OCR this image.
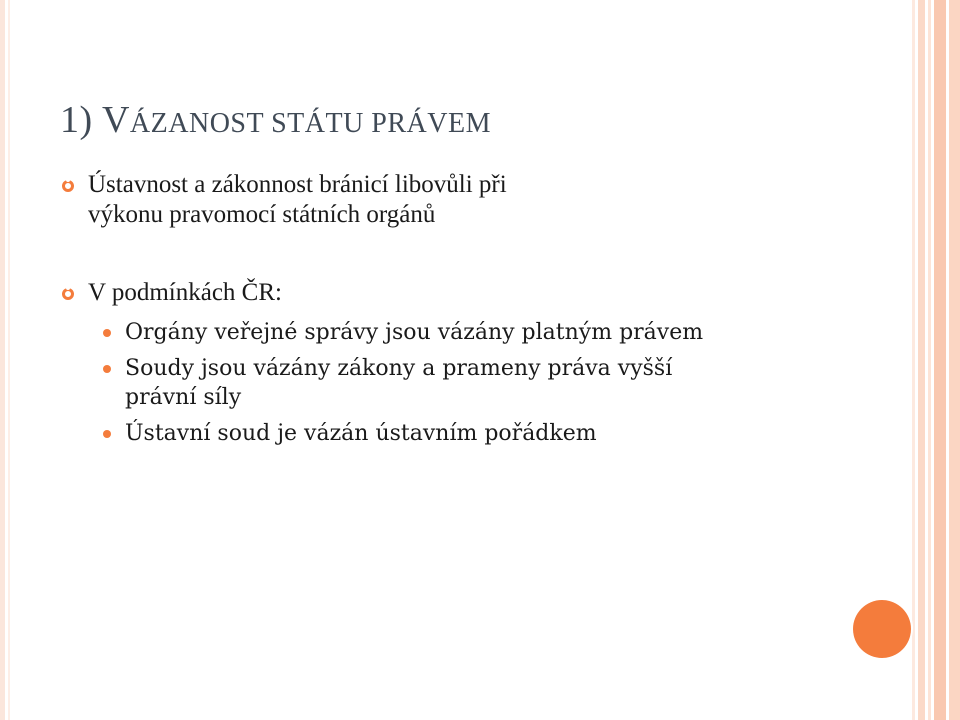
1) VÁZANOST STÁTU PRÁVEM
Ústavnost a zákonnost bránicí libovůli při
výkonu pravomocí státních orgánů
V podmínkách ČR:
Orgány veřejné správy jsou vázány platným právem
Soudy jsou vázány zákony a prameny práva vyšší
právní síly
Ústavní soud je vázán ústavním pořádkem
